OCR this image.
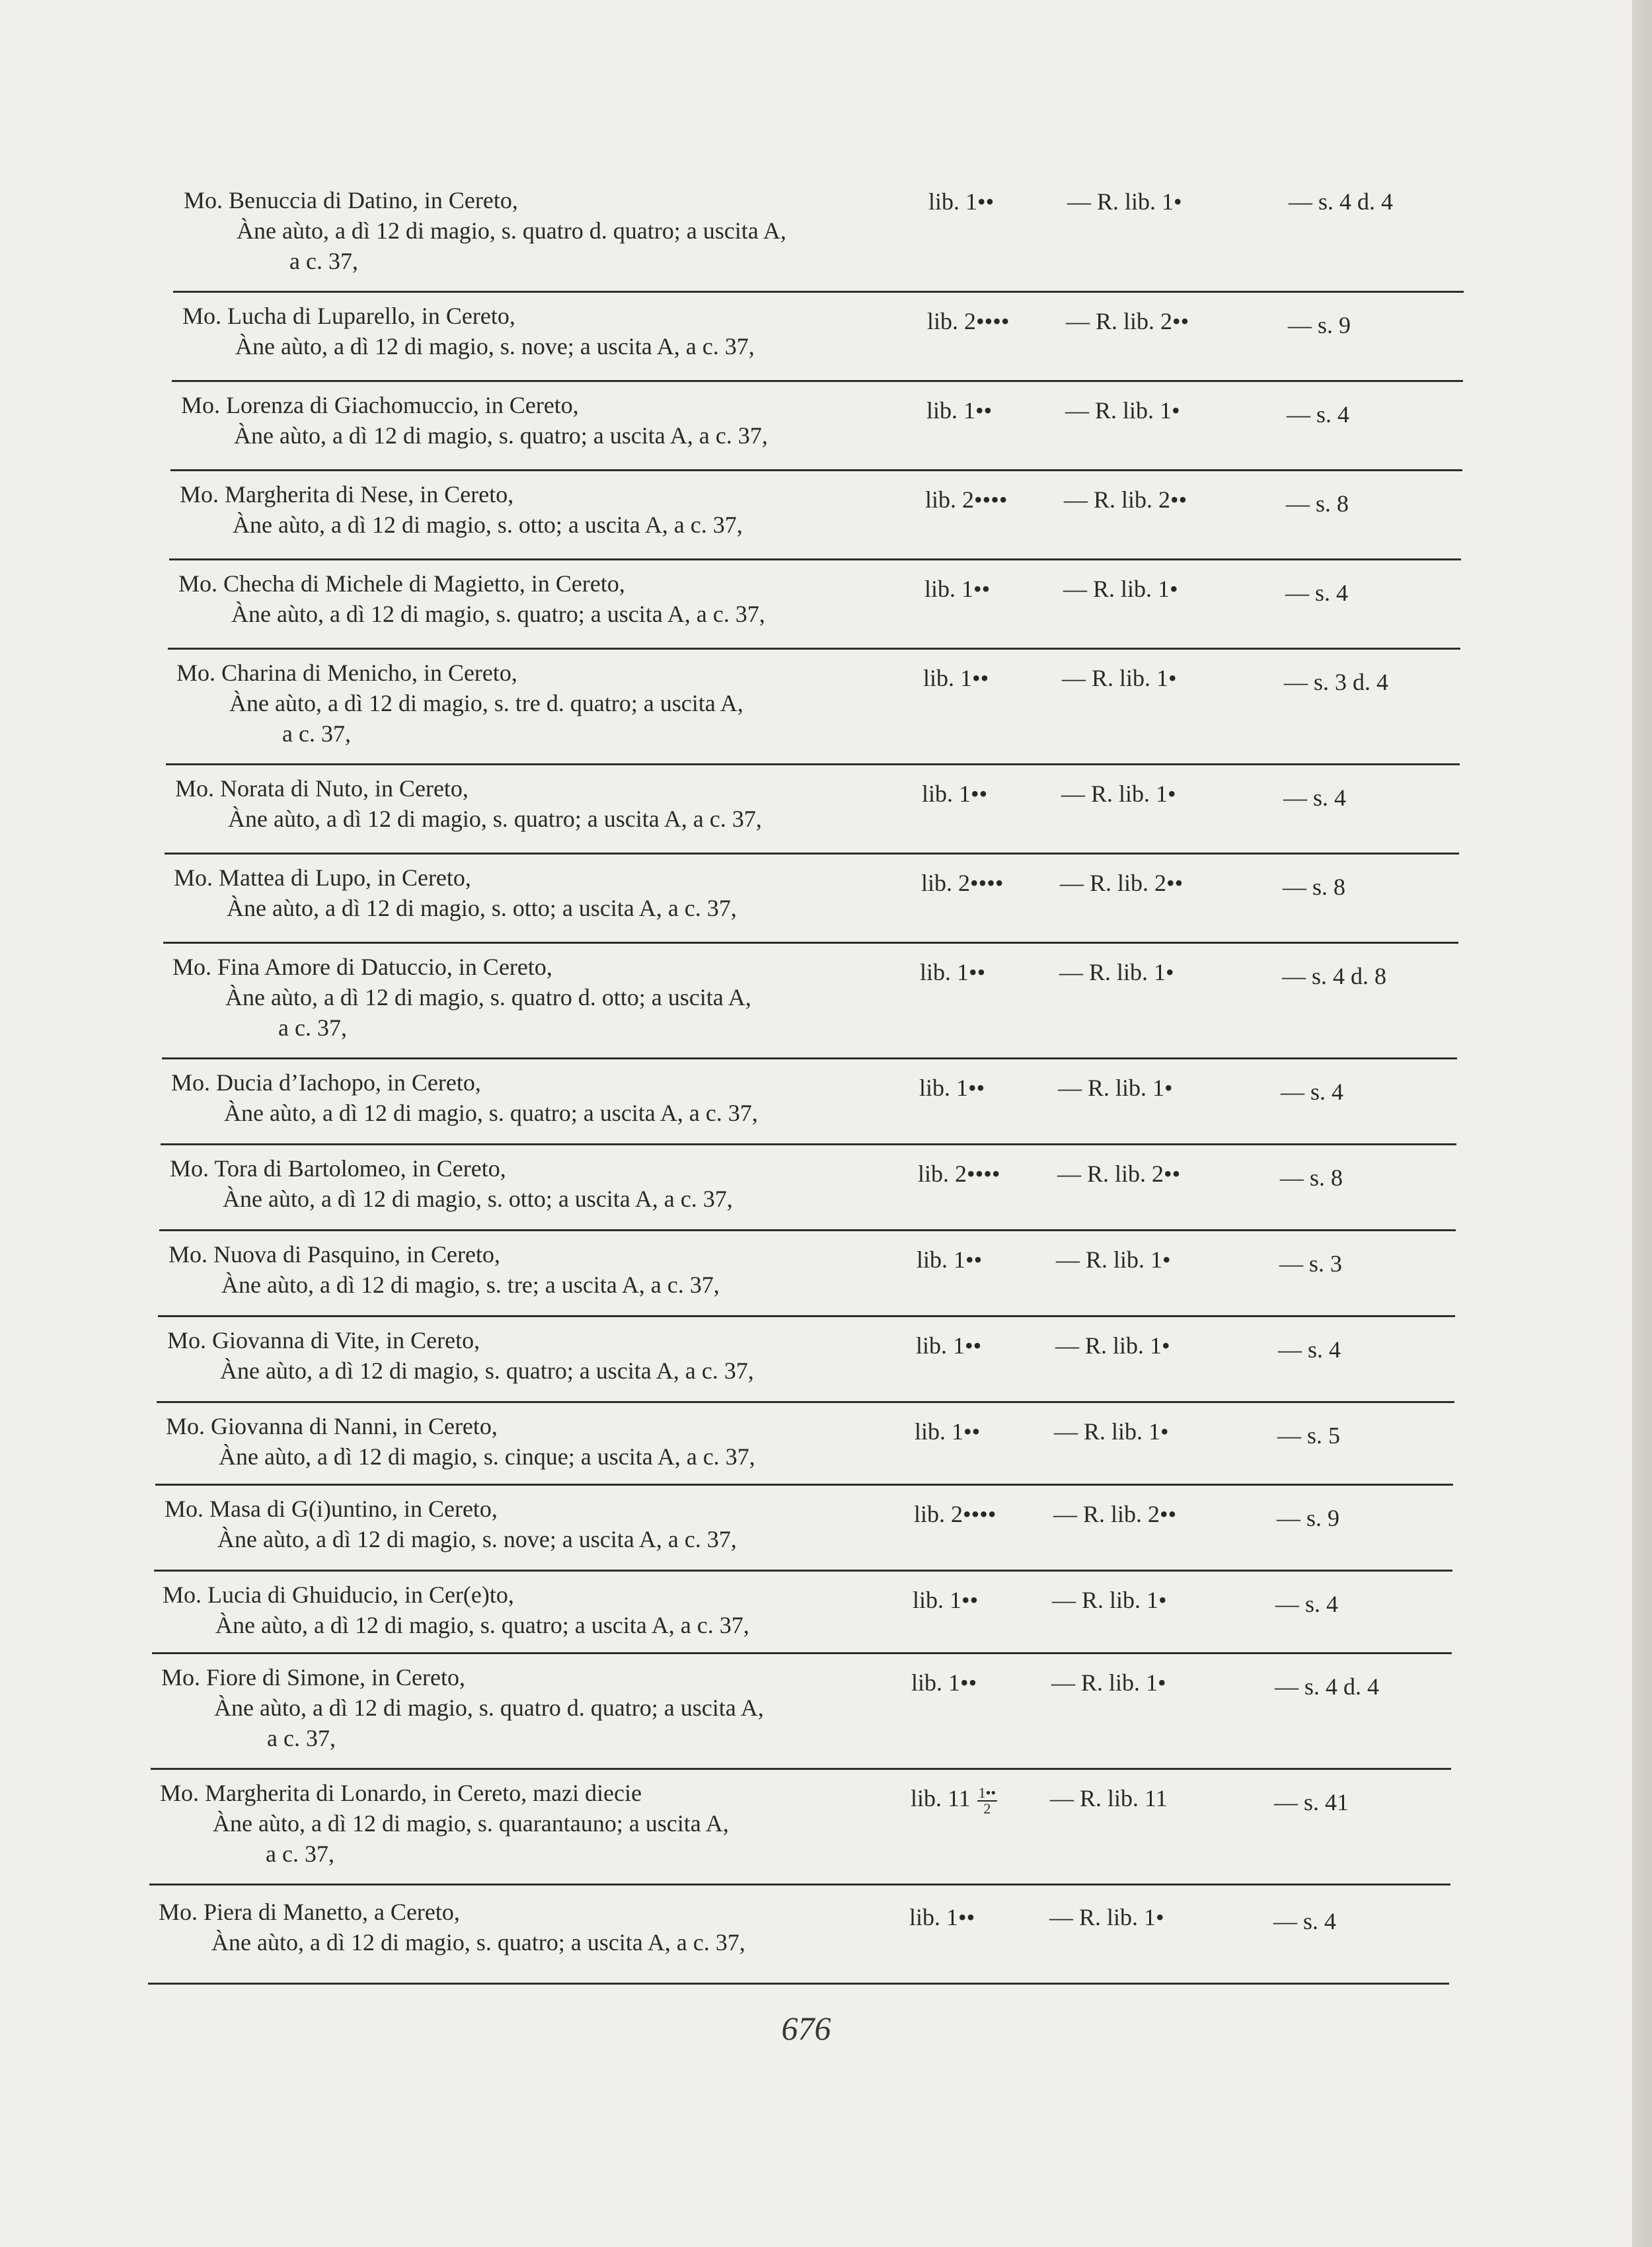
Mo. Benuccia di Datino, in Cereto,
Àne aùto, a dì 12 di magio, s. quatro d. quatro; a uscita A,
a c. 37,
lib. 1••	— R. lib. 1•	— s. 4 d. 4
Mo. Lucha di Luparello, in Cereto,
Àne aùto, a dì 12 di magio, s. nove; a uscita A, a c. 37,
lib. 2•••• — R. lib. 2••	— s. 9
Mo. Lorenza di Giachomuccio, in Cereto,
Àne aùto, a dì 12 di magio, s. quatro; a uscita A, a c. 37,
lib. 1••	— R. lib. 1•	— s. 4
Mo. Margherita di Nese, in Cereto,
Àne aùto, a dì 12 di magio, s. otto; a uscita A, a c. 37,
lib. 2•••• — R. lib. 2••	— s. 8
Mo. Checha di Michele di Magietto, in Cereto,
Àne aùto, a dì 12 di magio, s. quatro; a uscita A, a c. 37,
lib. 1••	— R. lib. 1•	— s. 4
Mo. Charina di Menicho, in Cereto,
Àne aùto, a dì 12 di magio, s. tre d. quatro; a uscita A,
a c. 37,
lib. 1••	— R. lib. 1•	— s. 3 d. 4
Mo. Norata di Nuto, in Cereto,
Àne aùto, a dì 12 di magio, s. quatro; a uscita A, a c. 37,
lib. 1••	— R. lib. 1•	— s. 4
Mo. Mattea di Lupo, in Cereto,
Àne aùto, a dì 12 di magio, s. otto; a uscita A, a c. 37,
lib. 2•••• — R. lib. 2••	— s. 8
Mo. Fina Amore di Datuccio, in Cereto,
Àne aùto, a dì 12 di magio, s. quatro d. otto; a uscita A,
a c. 37,
lib. 1••	— R. lib. 1•	— s. 4 d. 8
Mo. Ducia d’Iachopo, in Cereto,
Àne aùto, a dì 12 di magio, s. quatro; a uscita A, a c. 37,
lib. 1••	— R. lib. 1•	— s. 4
Mo. Tora di Bartolomeo, in Cereto,
Àne aùto, a dì 12 di magio, s. otto; a uscita A, a c. 37,
lib. 2•••• — R. lib. 2••	— s. 8
Mo. Nuova di Pasquino, in Cereto,
Àne aùto, a dì 12 di magio, s. tre; a uscita A, a c. 37,
lib. 1••	— R. lib. 1•	— s. 3
Mo. Giovanna di Vite, in Cereto,
Àne aùto, a dì 12 di magio, s. quatro; a uscita A, a c. 37,
lib. 1••	— R. lib. 1•	— s. 4
Mo. Giovanna di Nanni, in Cereto,
Àne aùto, a dì 12 di magio, s. cinque; a uscita A, a c. 37,
lib. 1••	— R. lib. 1•	— s. 5
Mo. Masa di G(i)untino, in Cereto,
Àne aùto, a dì 12 di magio, s. nove; a uscita A, a c. 37,
lib. 2•••• — R. lib. 2••	— s. 9
Mo. Lucia di Ghuiducio, in Cer(e)to,
Àne aùto, a dì 12 di magio, s. quatro; a uscita A, a c. 37,
lib. 1••	— R. lib. 1•	— s. 4
Mo. Fiore di Simone, in Cereto,
Àne aùto, a dì 12 di magio, s. quatro d. quatro; a uscita A,
a c. 37,
lib. 1••	— R. lib. 1•	— s. 4 d. 4
Mo. Margherita di Lonardo, in Cereto, mazi diecie
Àne aùto, a dì 12 di magio, s. quarantauno; a uscita A,
a c. 37,
lib. $11 \frac{1••}{2}$ — R. lib. 11	— s. 41
Mo. Piera di Manetto, a Cereto,
Àne aùto, a dì 12 di magio, s. quatro; a uscita A, a c. 37,
lib. 1••	— R. lib. 1•	— s. 4
676
